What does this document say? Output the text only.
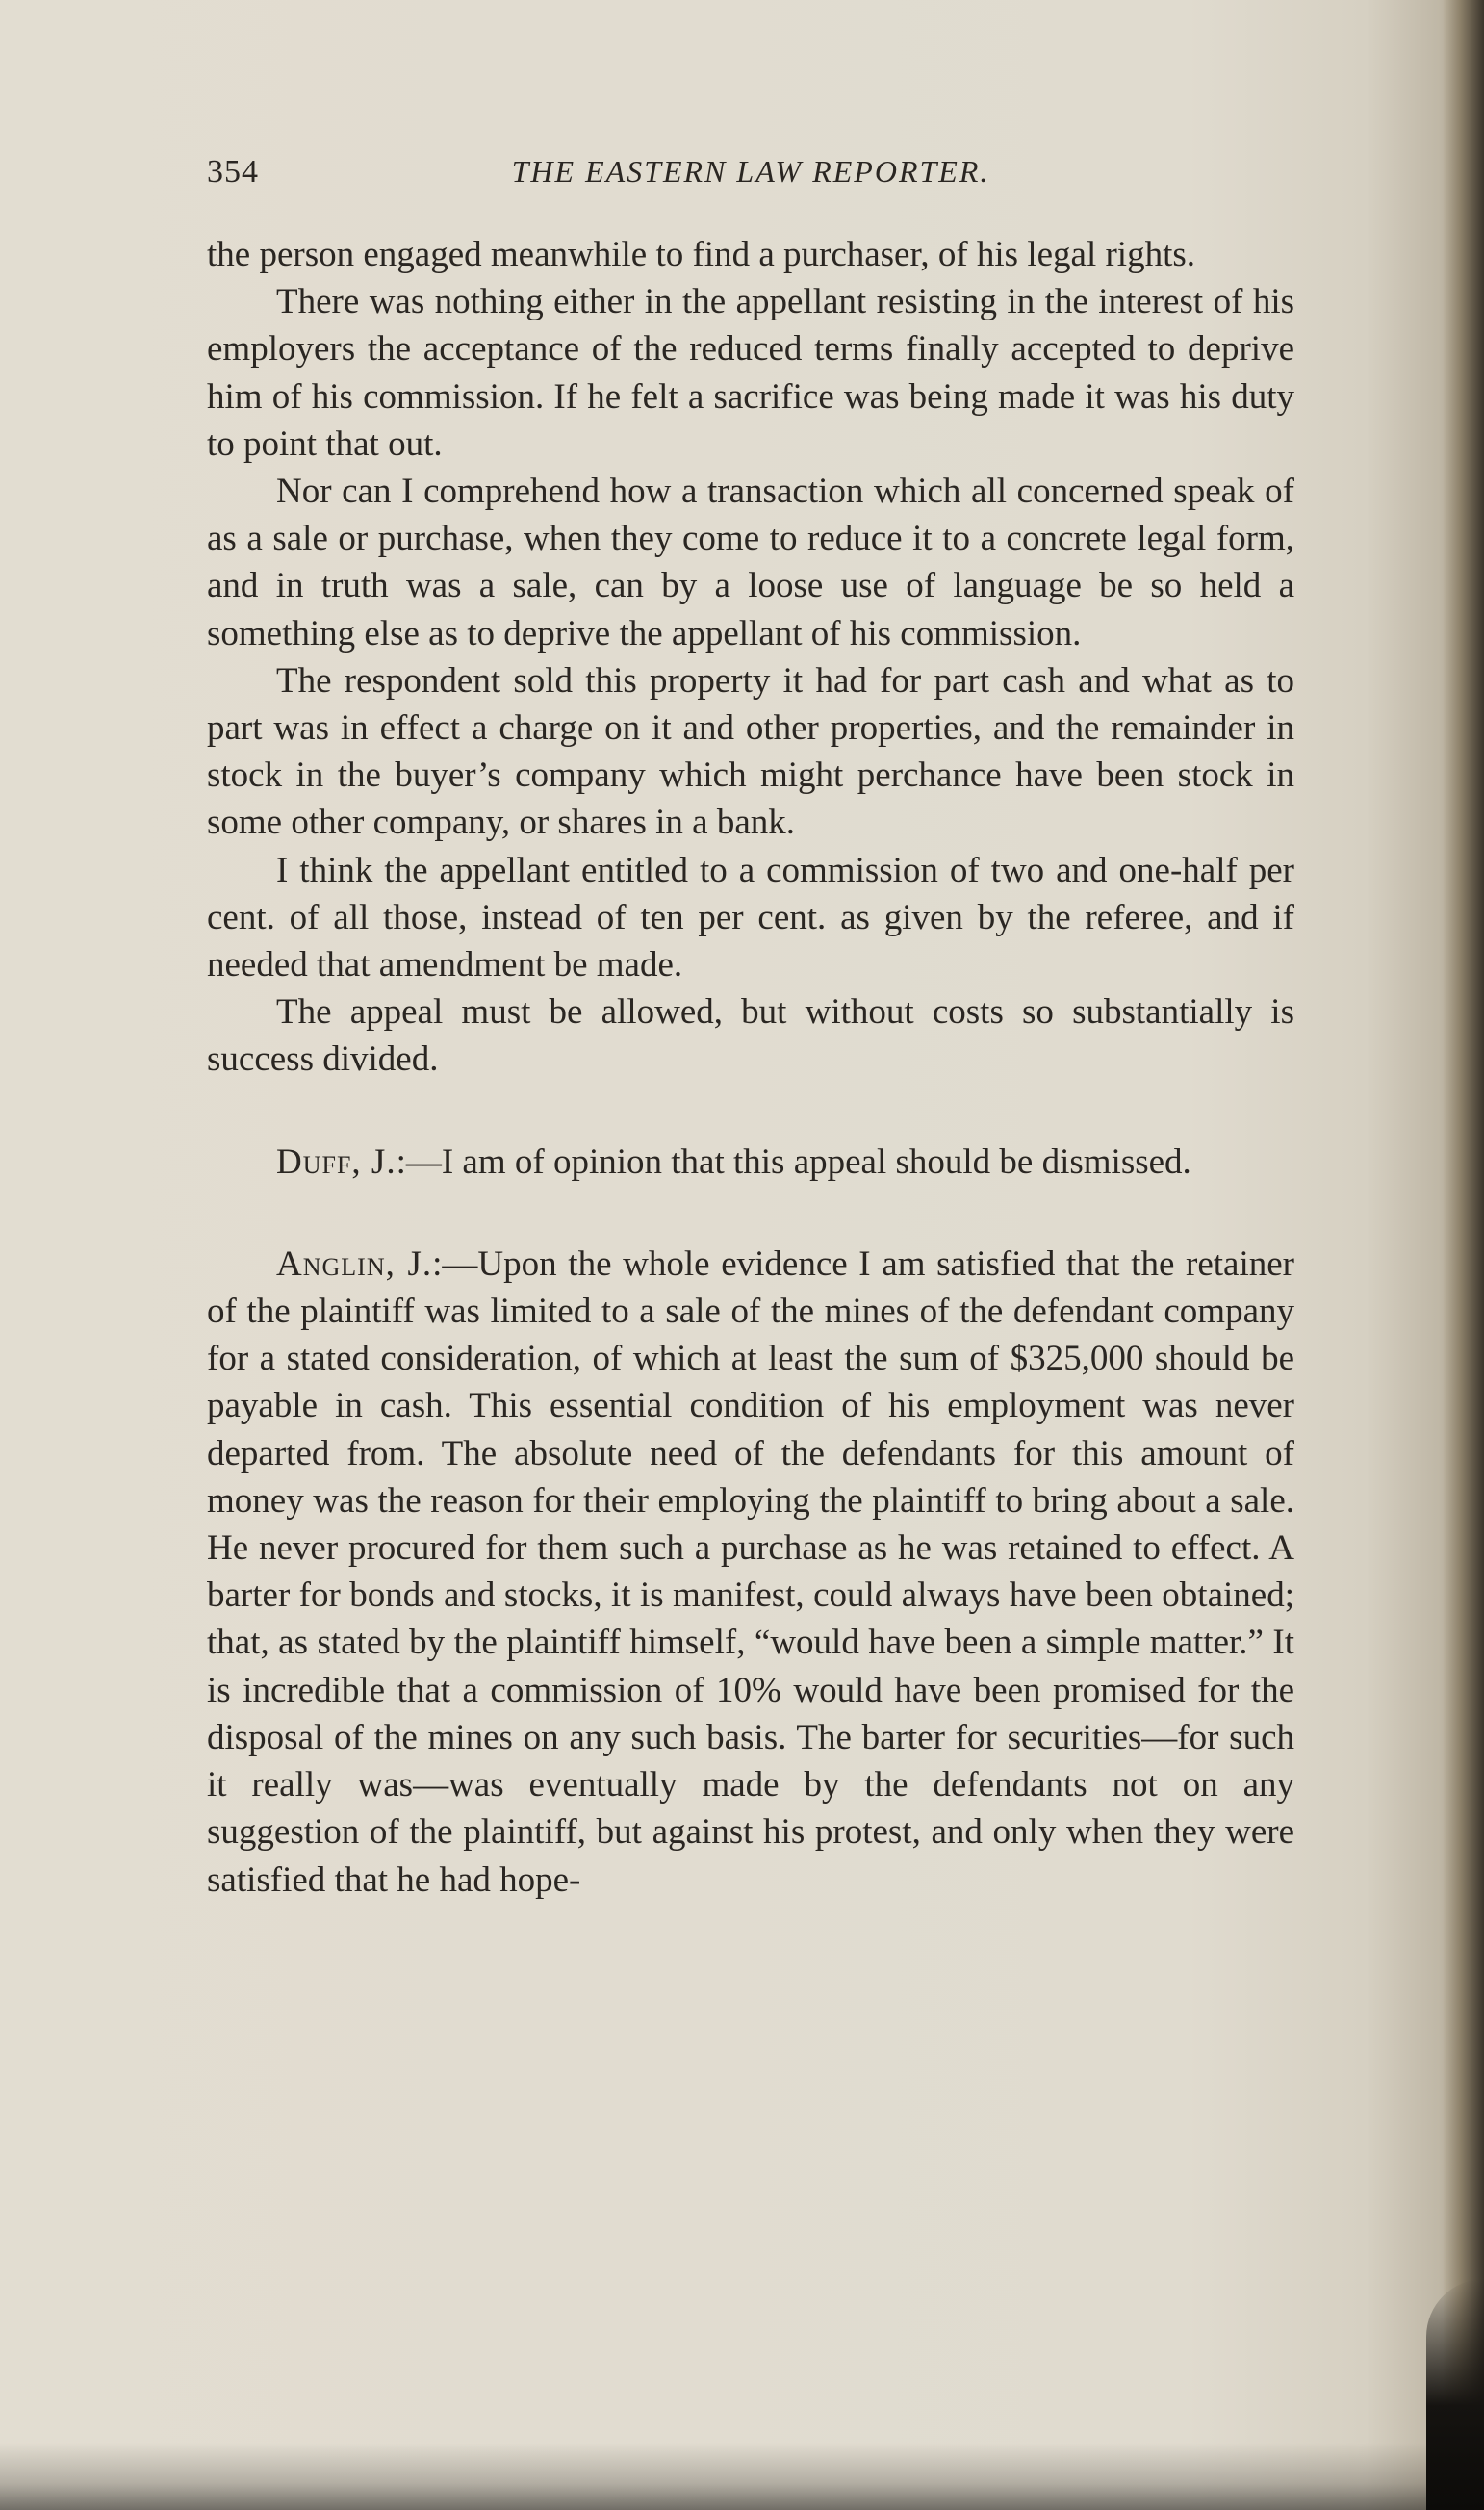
354	THE EASTERN LAW REPORTER.

the person engaged meanwhile to find a purchaser, of his legal rights.

There was nothing either in the appellant resisting in the interest of his employers the acceptance of the reduced terms finally accepted to deprive him of his commission. If he felt a sacrifice was being made it was his duty to point that out.

Nor can I comprehend how a transaction which all concerned speak of as a sale or purchase, when they come to reduce it to a concrete legal form, and in truth was a sale, can by a loose use of language be so held a something else as to deprive the appellant of his commission.

The respondent sold this property it had for part cash and what as to part was in effect a charge on it and other properties, and the remainder in stock in the buyer’s company which might perchance have been stock in some other company, or shares in a bank.

I think the appellant entitled to a commission of two and one-half per cent. of all those, instead of ten per cent. as given by the referee, and if needed that amendment be made.

The appeal must be allowed, but without costs so substantially is success divided.

Duff, J.:—I am of opinion that this appeal should be dismissed.

Anglin, J.:—Upon the whole evidence I am satisfied that the retainer of the plaintiff was limited to a sale of the mines of the defendant company for a stated consideration, of which at least the sum of $325,000 should be payable in cash. This essential condition of his employment was never departed from. The absolute need of the defendants for this amount of money was the reason for their employing the plaintiff to bring about a sale. He never procured for them such a purchase as he was retained to effect. A barter for bonds and stocks, it is manifest, could always have been obtained; that, as stated by the plaintiff himself, “would have been a simple matter.” It is incredible that a commission of 10% would have been promised for the disposal of the mines on any such basis. The barter for securities—for such it really was—was eventually made by the defendants not on any suggestion of the plaintiff, but against his protest, and only when they were satisfied that he had hope-
